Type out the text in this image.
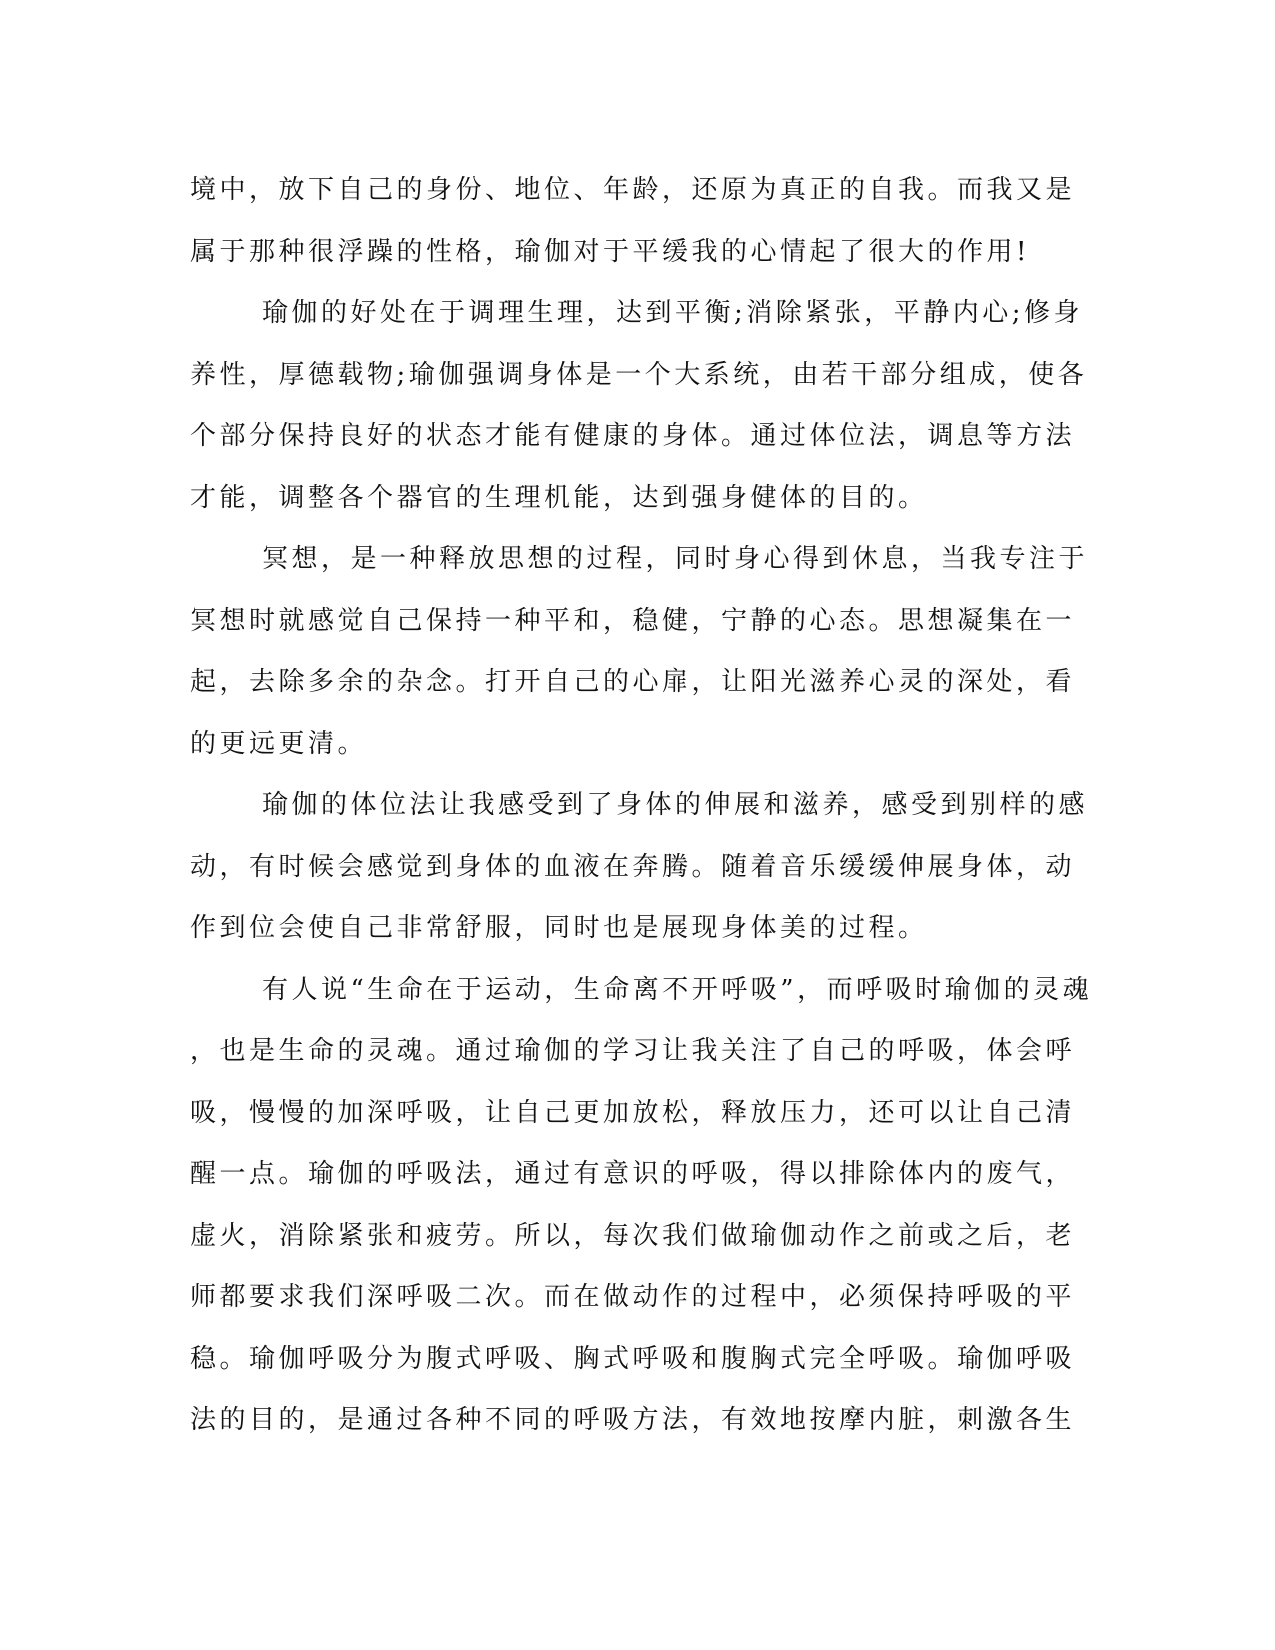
境中，放下自己的身份、地位、年龄，还原为真正的自我。而我又是
属于那种很浮躁的性格，瑜伽对于平缓我的心情起了很大的作用!
瑜伽的好处在于调理生理，达到平衡;消除紧张，平静内心;修身
养性，厚德载物;瑜伽强调身体是一个大系统，由若干部分组成，使各
个部分保持良好的状态才能有健康的身体。通过体位法，调息等方法
才能，调整各个器官的生理机能，达到强身健体的目的。
冥想，是一种释放思想的过程，同时身心得到休息，当我专注于
冥想时就感觉自己保持一种平和，稳健，宁静的心态。思想凝集在一
起，去除多余的杂念。打开自己的心扉，让阳光滋养心灵的深处，看
的更远更清。
瑜伽的体位法让我感受到了身体的伸展和滋养，感受到别样的感
动，有时候会感觉到身体的血液在奔腾。随着音乐缓缓伸展身体，动
作到位会使自己非常舒服，同时也是展现身体美的过程。
有人说“生命在于运动，生命离不开呼吸”，而呼吸时瑜伽的灵魂
，也是生命的灵魂。通过瑜伽的学习让我关注了自己的呼吸，体会呼
吸，慢慢的加深呼吸，让自己更加放松，释放压力，还可以让自己清
醒一点。瑜伽的呼吸法，通过有意识的呼吸，得以排除体内的废气，
虚火，消除紧张和疲劳。所以，每次我们做瑜伽动作之前或之后，老
师都要求我们深呼吸二次。而在做动作的过程中，必须保持呼吸的平
稳。瑜伽呼吸分为腹式呼吸、胸式呼吸和腹胸式完全呼吸。瑜伽呼吸
法的目的，是通过各种不同的呼吸方法，有效地按摩内脏，刺激各生
